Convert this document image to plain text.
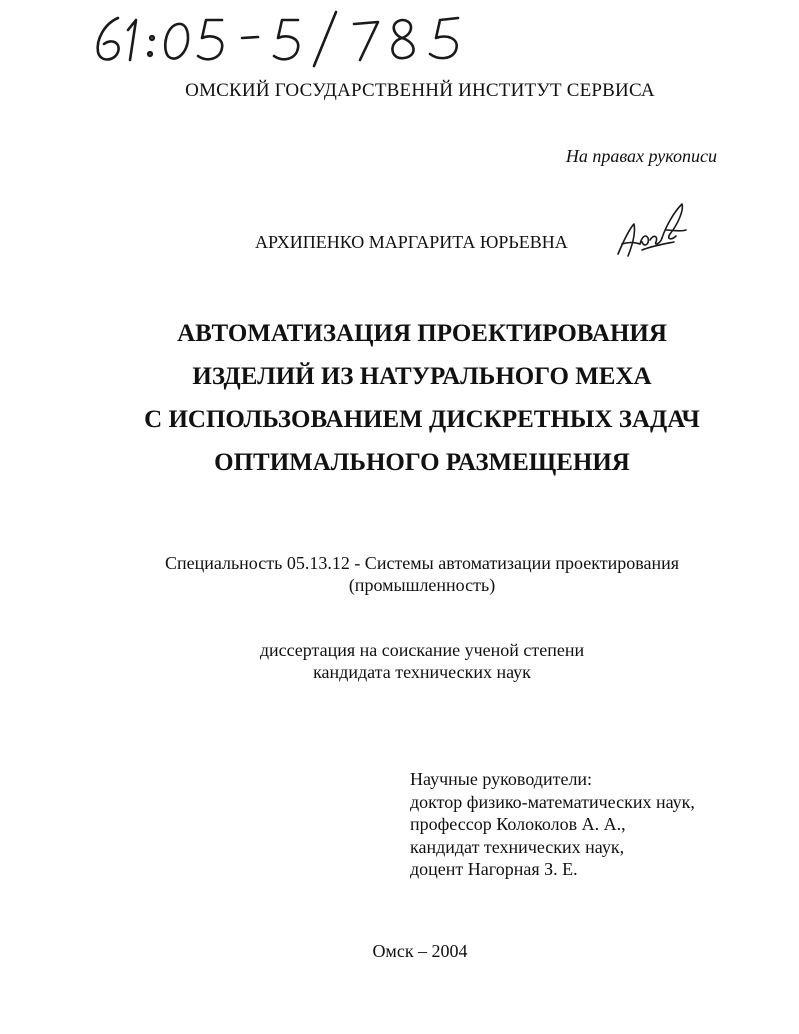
ОМСКИЙ ГОСУДАРСТВЕННЙ ИНСТИТУТ СЕРВИСА
На правах рукописи
АРХИПЕНКО МАРГАРИТА ЮРЬЕВНА
АВТОМАТИЗАЦИЯ ПРОЕКТИРОВАНИЯ
ИЗДЕЛИЙ ИЗ НАТУРАЛЬНОГО МЕХА
С ИСПОЛЬЗОВАНИЕМ ДИСКРЕТНЫХ ЗАДАЧ
ОПТИМАЛЬНОГО РАЗМЕЩЕНИЯ
Специальность 05.13.12 - Системы автоматизации проектирования
(промышленность)
диссертация на соискание ученой степени
кандидата технических наук
Научные руководители:
доктор физико-математических наук,
профессор Колоколов А. А.,
кандидат технических наук,
доцент Нагорная З. Е.
Омск – 2004
